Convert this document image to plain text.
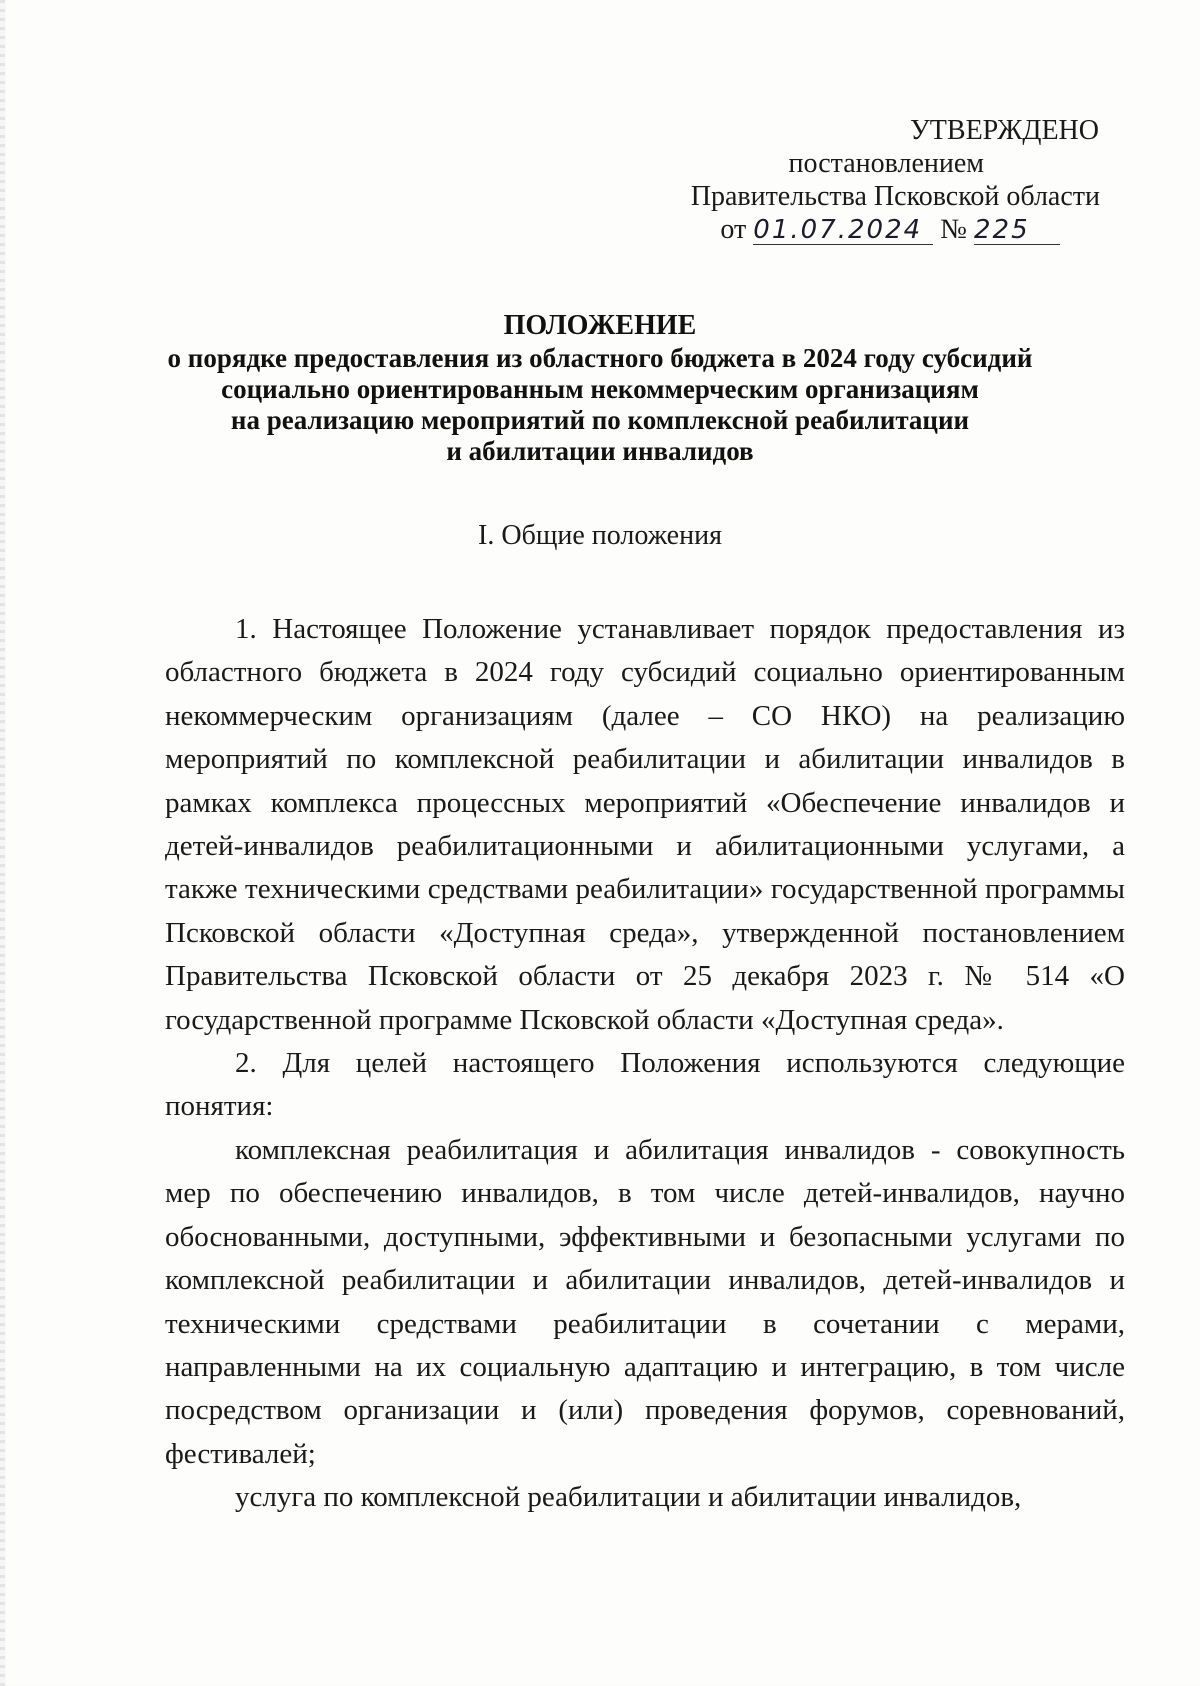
УТВЕРЖДЕНО
постановлением
Правительства Псковской области
от 01.07.2024 № 225
ПОЛОЖЕНИЕ
о порядке предоставления из областного бюджета в 2024 году субсидий
социально ориентированным некоммерческим организациям
на реализацию мероприятий по комплексной реабилитации
и абилитации инвалидов
I. Общие положения

1. Настоящее Положение устанавливает порядок предоставления из областного бюджета в 2024 году субсидий социально ориентированным некоммерческим организациям (далее – СО НКО) на реализацию мероприятий по комплексной реабилитации и абилитации инвалидов в рамках комплекса процессных мероприятий «Обеспечение инвалидов и детей-инвалидов реабилитационными и абилитационными услугами, а также техническими средствами реабилитации» государственной программы Псковской области «Доступная среда», утвержденной постановлением Правительства Псковской области от 25 декабря 2023 г. № 514 «О государственной программе Псковской области «Доступная среда».

2. Для целей настоящего Положения используются следующие понятия:

комплексная реабилитация и абилитация инвалидов - совокупность мер по обеспечению инвалидов, в том числе детей-инвалидов, научно обоснованными, доступными, эффективными и безопасными услугами по комплексной реабилитации и абилитации инвалидов, детей-инвалидов и техническими средствами реабилитации в сочетании с мерами, направленными на их социальную адаптацию и интеграцию, в том числе посредством организации и (или) проведения форумов, соревнований, фестивалей;

услуга по комплексной реабилитации и абилитации инвалидов,
